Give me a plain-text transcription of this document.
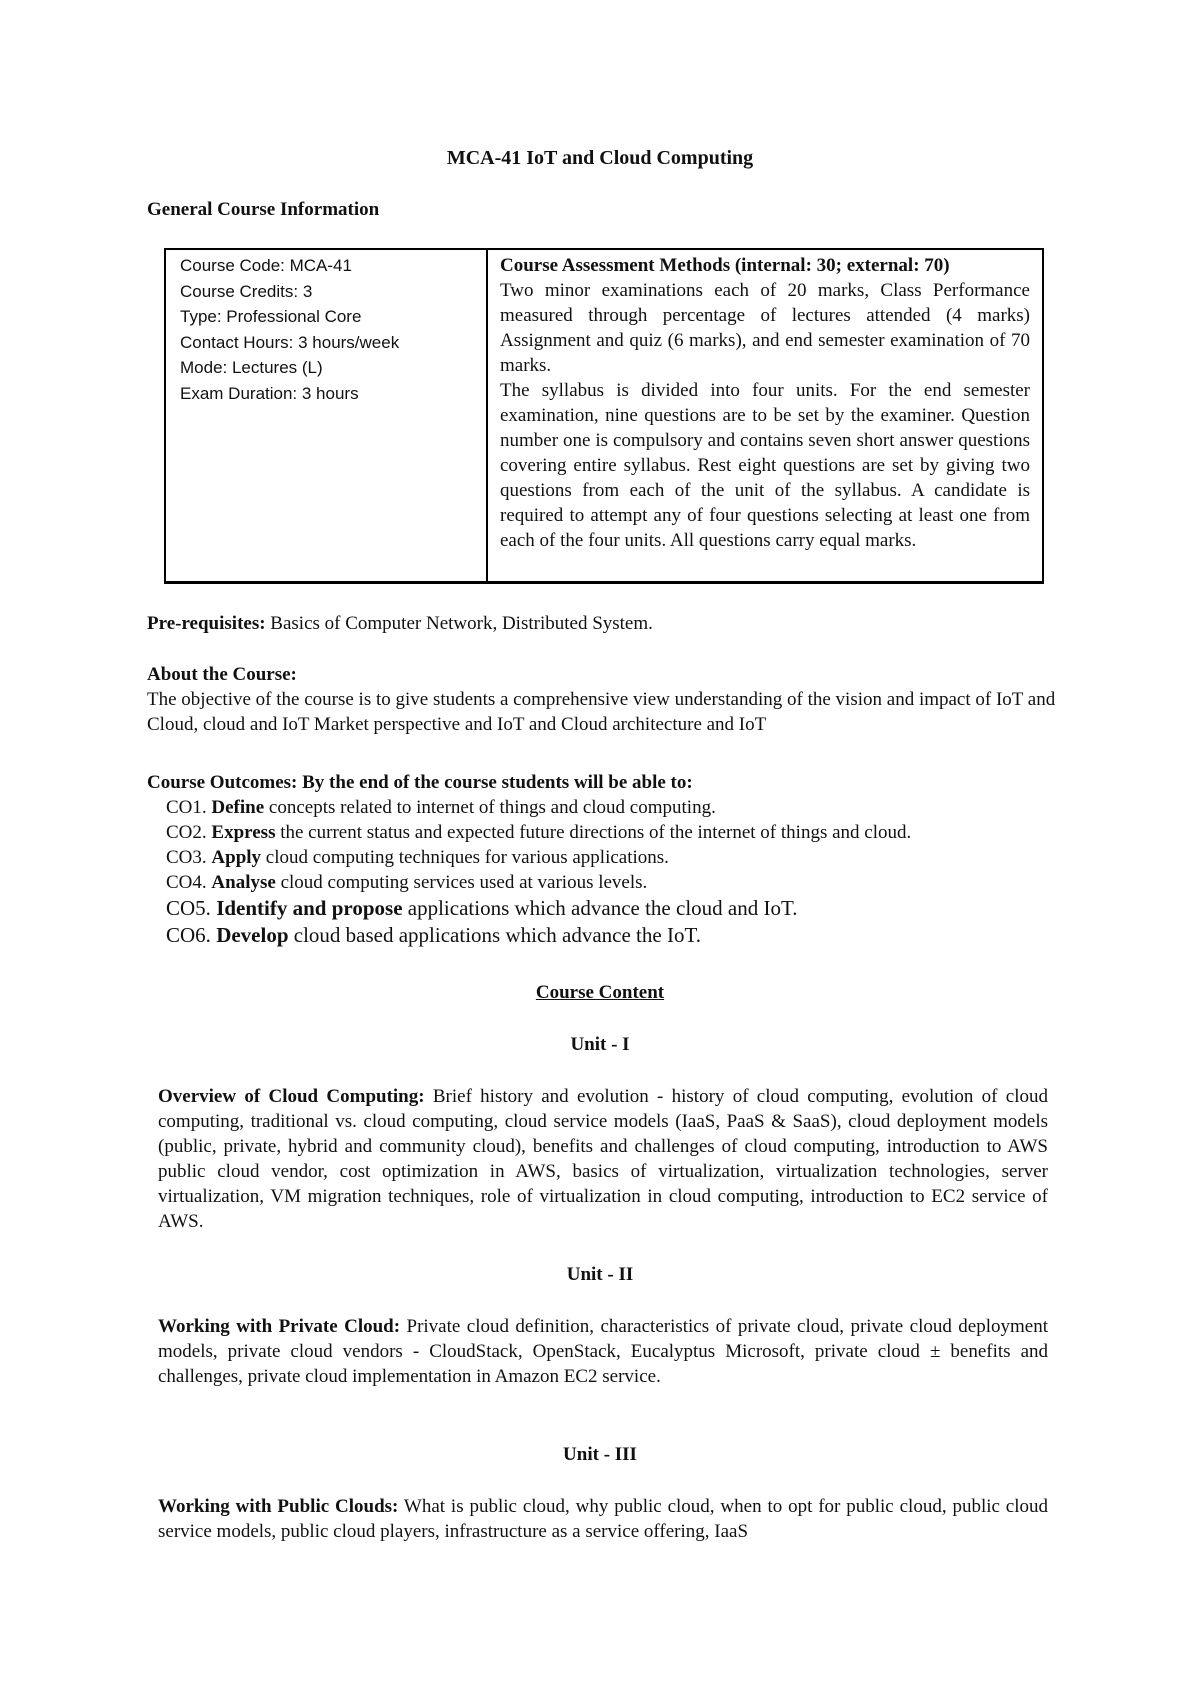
MCA-41 IoT and Cloud Computing
General Course Information
Course Code: MCA-41
Course Credits: 3
Type: Professional Core
Contact Hours: 3 hours/week
Mode: Lectures (L)
Exam Duration: 3 hours

Course Assessment Methods (internal: 30; external: 70)
Two minor examinations each of 20 marks, Class Performance measured through percentage of lectures attended (4 marks) Assignment and quiz (6 marks), and end semester examination of 70 marks.
The syllabus is divided into four units. For the end semester examination, nine questions are to be set by the examiner. Question number one is compulsory and contains seven short answer questions covering entire syllabus. Rest eight questions are set by giving two questions from each of the unit of the syllabus. A candidate is required to attempt any of four questions selecting at least one from each of the four units. All questions carry equal marks.
Pre-requisites: Basics of Computer Network, Distributed System.
About the Course:
The objective of the course is to give students a comprehensive view understanding of the vision and impact of IoT and Cloud, cloud and IoT Market perspective and IoT and Cloud architecture and IoT
Course Outcomes: By the end of the course students will be able to:
CO1. Define concepts related to internet of things and cloud computing.
CO2. Express the current status and expected future directions of the internet of things and cloud.
CO3. Apply cloud computing techniques for various applications.
CO4. Analyse cloud computing services used at various levels.
CO5. Identify and propose applications which advance the cloud and IoT.
CO6. Develop cloud based applications which advance the IoT.
Course Content
Unit - I
Overview of Cloud Computing: Brief history and evolution - history of cloud computing, evolution of cloud computing, traditional vs. cloud computing, cloud service models (IaaS, PaaS & SaaS), cloud deployment models (public, private, hybrid and community cloud), benefits and challenges of cloud computing, introduction to AWS public cloud vendor, cost optimization in AWS, basics of virtualization, virtualization technologies, server virtualization, VM migration techniques, role of virtualization in cloud computing, introduction to EC2 service of AWS.
Unit - II
Working with Private Cloud: Private cloud definition, characteristics of private cloud, private cloud deployment models, private cloud vendors - CloudStack, OpenStack, Eucalyptus Microsoft, private cloud ± benefits and challenges, private cloud implementation in Amazon EC2 service.
Unit - III
Working with Public Clouds: What is public cloud, why public cloud, when to opt for public cloud, public cloud service models, public cloud players, infrastructure as a service offering, IaaS
